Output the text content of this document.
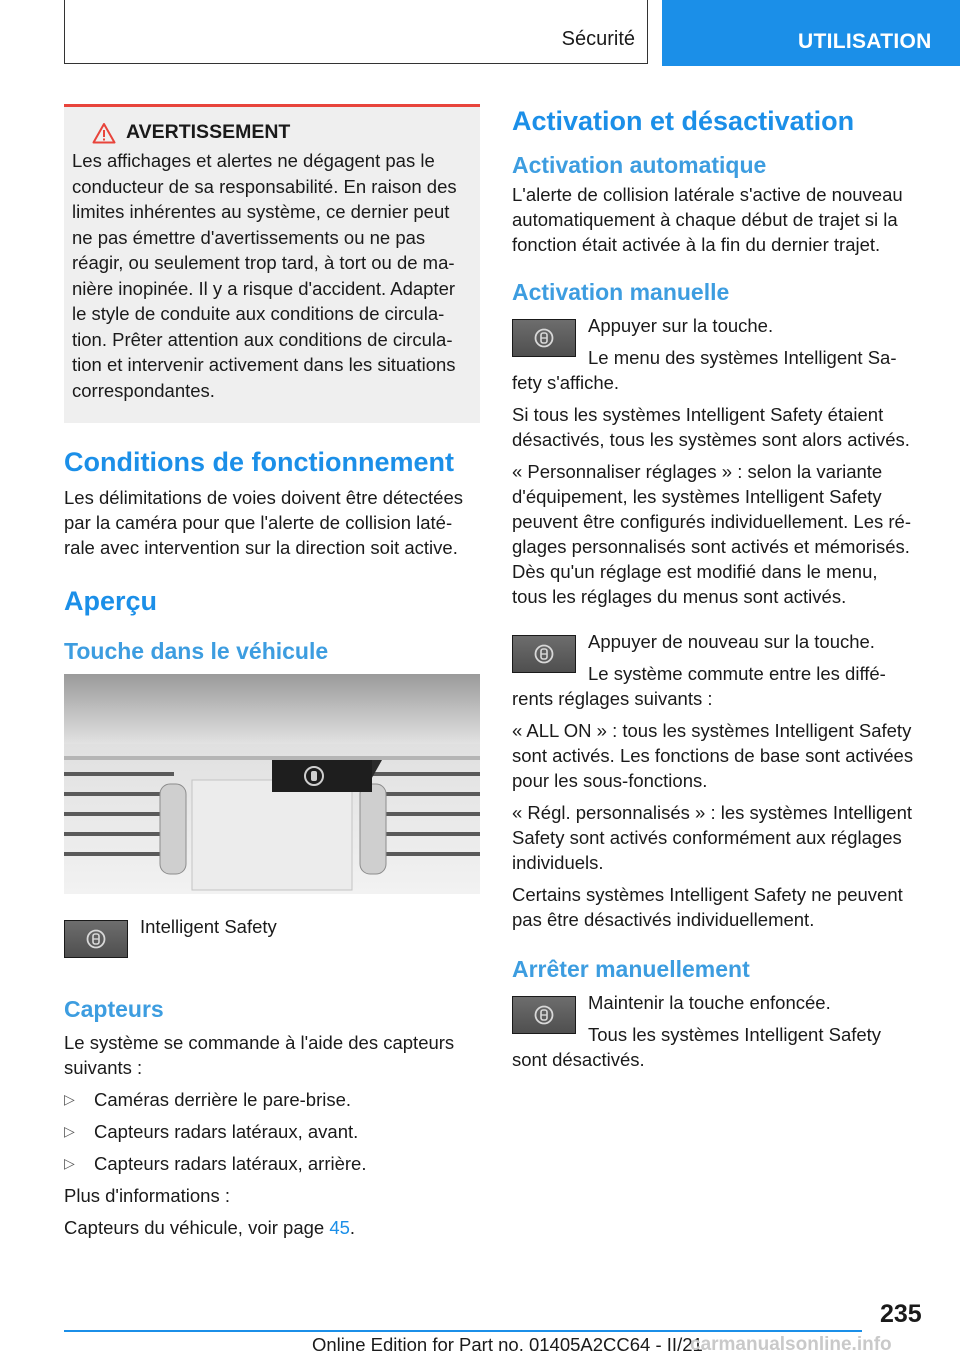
Sécurité	UTILISATION
AVERTISSEMENT

Les affichages et alertes ne dégagent pas le

conducteur de sa responsabilité. En raison des

limites inhérentes au système, ce dernier peut

ne pas émettre d'avertissements ou ne pas

réagir, ou seulement trop tard, à tort ou de ma‐

nière inopinée. Il y a risque d'accident. Adapter

le style de conduite aux conditions de circula‐

tion. Prêter attention aux conditions de circula‐

tion et intervenir activement dans les situations

correspondantes.

Conditions de fonctionnement

Les délimitations de voies doivent être détectées
par la caméra pour que l'alerte de collision laté‐
rale avec intervention sur la direction soit active.

Aperçu
Touche dans le véhicule

Intelligent Safety

Capteurs

Le système se commande à l'aide des capteurs
suivants :

▷ Caméras derrière le pare-brise.
▷ Capteurs radars latéraux, avant.
▷ Capteurs radars latéraux, arrière.

Plus d'informations :

Capteurs du véhicule, voir page 45.

Activation et désactivation
Activation automatique

L'alerte de collision latérale s'active de nouveau
automatiquement à chaque début de trajet si la
fonction était activée à la fin du dernier trajet.

Activation manuelle

Appuyer sur la touche.

Le menu des systèmes Intelligent Sa‐
fety s'affiche.

Si tous les systèmes Intelligent Safety étaient
désactivés, tous les systèmes sont alors activés.

« Personnaliser réglages » : selon la variante
d'équipement, les systèmes Intelligent Safety
peuvent être configurés individuellement. Les ré‐
glages personnalisés sont activés et mémorisés.
Dès qu'un réglage est modifié dans le menu,
tous les réglages du menus sont activés.

Appuyer de nouveau sur la touche.

Le système commute entre les diffé‐
rents réglages suivants :

« ALL ON » : tous les systèmes Intelligent Safety
sont activés. Les fonctions de base sont activées
pour les sous-fonctions.

« Régl. personnalisés » : les systèmes Intelligent
Safety sont activés conformément aux réglages
individuels.

Certains systèmes Intelligent Safety ne peuvent
pas être désactivés individuellement.

Arrêter manuellement

Maintenir la touche enfoncée.

Tous les systèmes Intelligent Safety
sont désactivés.

235
Online Edition for Part no. 01405A2CC64 - II/21
carmanualsonline.info
